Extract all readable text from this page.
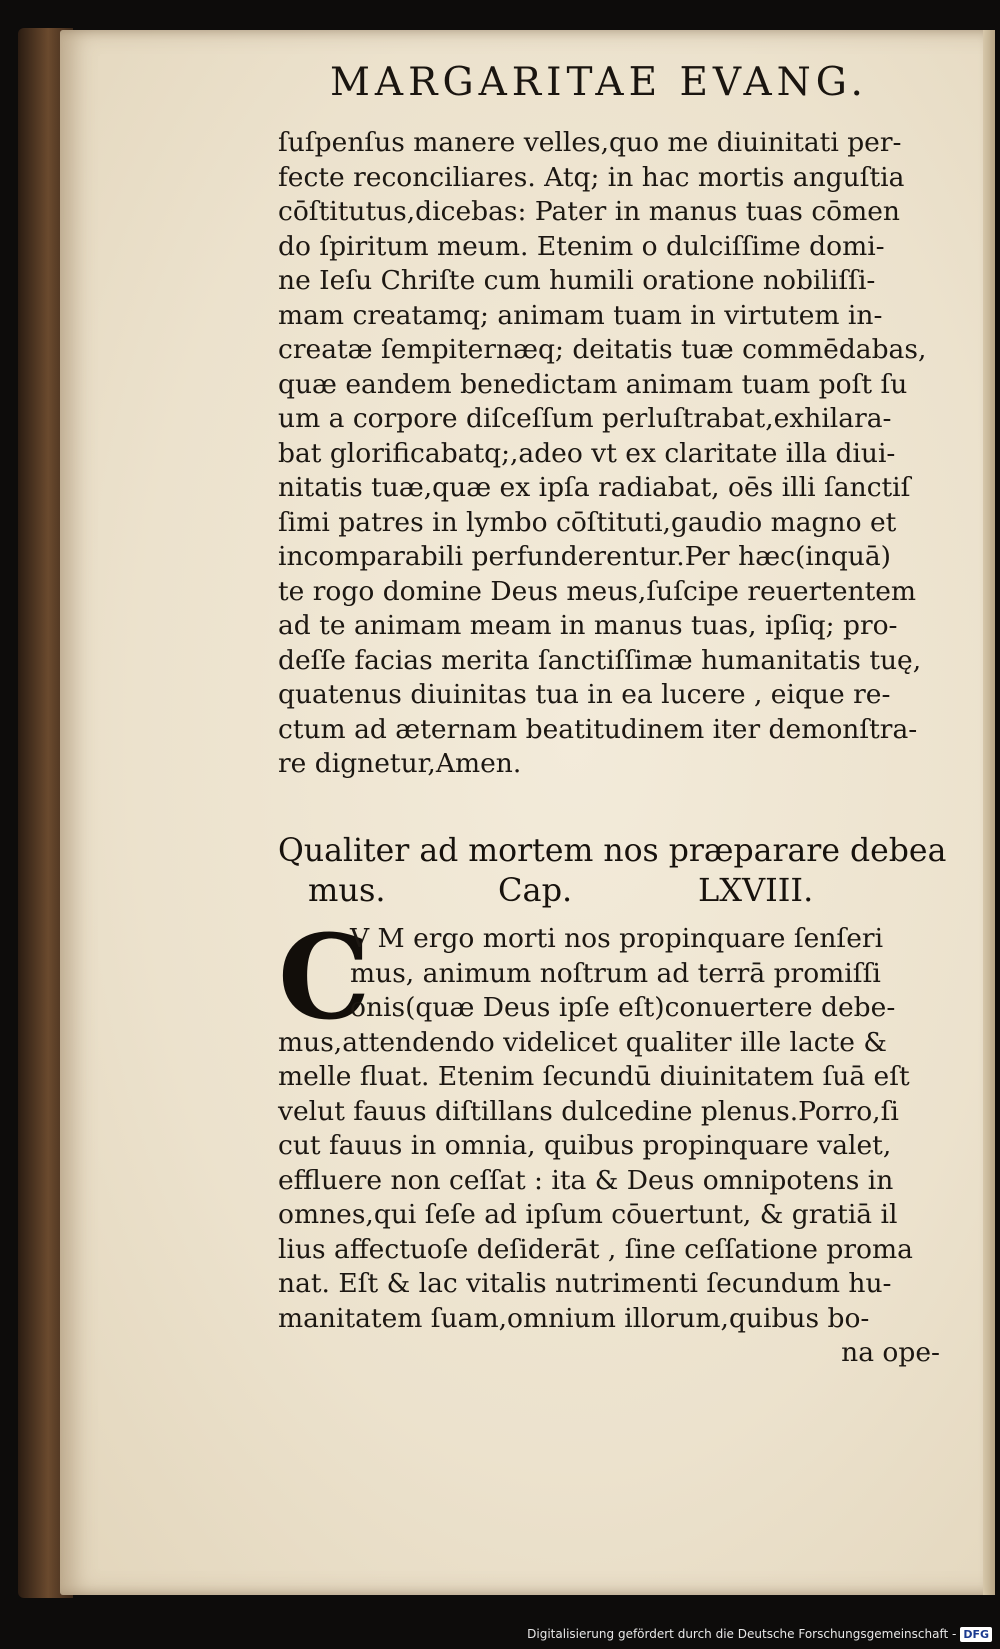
MARGARITAE EVANG.
ſuſpenſus manere velles,quo me diuinitati per-
fecte reconciliares. Atq; in hac mortis anguſtia
cōſtitutus,dicebas: Pater in manus tuas cōmen
do ſpiritum meum. Etenim o dulciſſime domi-
ne Ieſu Chriſte cum humili oratione nobiliſſi-
mam creatamq; animam tuam in virtutem in-
creatæ ſempiternæq; deitatis tuæ commēdabas,
quæ eandem benedictam animam tuam poſt ſu
um a corpore diſceſſum perluſtrabat,exhilara-
bat glorificabatq;,adeo vt ex claritate illa diui-
nitatis tuæ,quæ ex ipſa radiabat, oēs illi ſanctiſ
ſimi patres in lymbo cōſtituti,gaudio magno et
incomparabili perfunderentur.Per hæc(inquā)
te rogo domine Deus meus,ſuſcipe reuertentem
ad te animam meam in manus tuas, ipſiq; pro-
deſſe facias merita ſanctiſſimæ humanitatis tuę,
quatenus diuinitas tua in ea lucere , eique re-
ctum ad æternam beatitudinem iter demonſtra-
re dignetur,Amen.
Qualiter ad mortem nos præparare debea
mus.	Cap.	LXVIII.
C
V M ergo morti nos propinquare ſenſeri
mus, animum noſtrum ad terrā promiſſi
onis(quæ Deus ipſe eſt)conuertere debe-
mus,attendendo videlicet qualiter ille lacte &
melle fluat. Etenim ſecundū diuinitatem ſuā eſt
velut fauus diſtillans dulcedine plenus.Porro,ſi
cut fauus in omnia, quibus propinquare valet,
effluere non ceſſat : ita & Deus omnipotens in
omnes,qui ſeſe ad ipſum cōuertunt, & gratiā il
lius affectuoſe deſiderāt , ſine ceſſatione proma
nat. Eſt & lac vitalis nutrimenti ſecundum hu-
manitatem ſuam,omnium illorum,quibus bo-
na ope-
Digitalisierung gefördert durch die Deutsche Forschungsgemeinschaft - DFG
